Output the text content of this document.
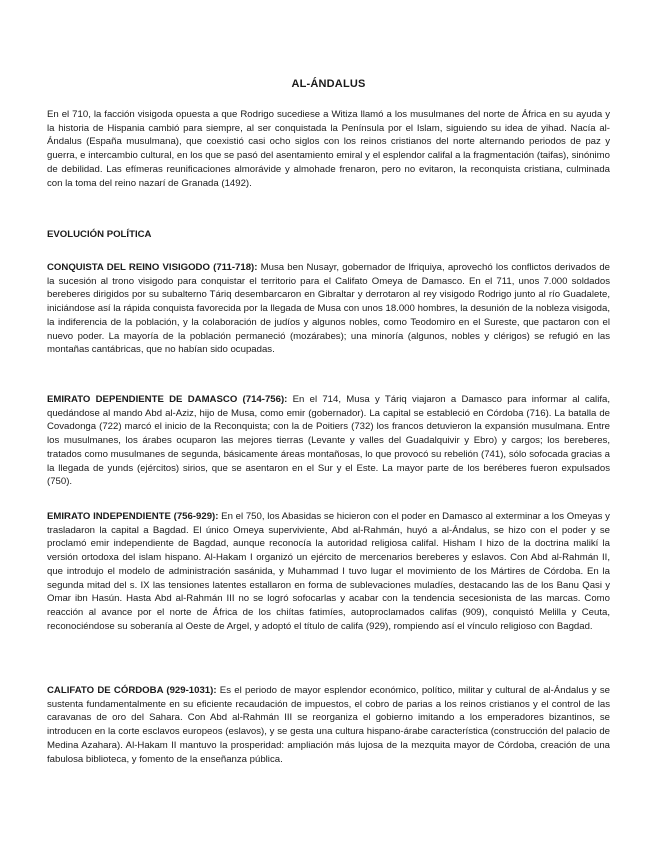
AL-ÁNDALUS

En el 710, la facción visigoda opuesta a que Rodrigo sucediese a Witiza llamó a los musulmanes del norte de África en su ayuda y la historia de Hispania cambió para siempre, al ser conquistada la Península por el Islam, siguiendo su idea de yihad. Nacía al-Ándalus (España musulmana), que coexistió casi ocho siglos con los reinos cristianos del norte alternando periodos de paz y guerra, e intercambio cultural, en los que se pasó del asentamiento emiral y el esplendor califal a la fragmentación (taifas), sinónimo de debilidad. Las efímeras reunificaciones almorávide y almohade frenaron, pero no evitaron, la reconquista cristiana, culminada con la toma del reino nazarí de Granada (1492).

EVOLUCIÓN POLÍTICA

CONQUISTA DEL REINO VISIGODO (711-718): Musa ben Nusayr, gobernador de Ifriquiya, aprovechó los conflictos derivados de la sucesión al trono visigodo para conquistar el territorio para el Califato Omeya de Damasco. En el 711, unos 7.000 soldados bereberes dirigidos por su subalterno Táriq desembarcaron en Gibraltar y derrotaron al rey visigodo Rodrigo junto al río Guadalete, iniciándose así la rápida conquista favorecida por la llegada de Musa con unos 18.000 hombres, la desunión de la nobleza visigoda, la indiferencia de la población, y la colaboración de judíos y algunos nobles, como Teodomiro en el Sureste, que pactaron con el nuevo poder. La mayoría de la población permaneció (mozárabes); una minoría (algunos, nobles y clérigos) se refugió en las montañas cantábricas, que no habían sido ocupadas.

EMIRATO DEPENDIENTE DE DAMASCO (714-756): En el 714, Musa y Táriq viajaron a Damasco para informar al califa, quedándose al mando Abd al-Aziz, hijo de Musa, como emir (gobernador). La capital se estableció en Córdoba (716). La batalla de Covadonga (722) marcó el inicio de la Reconquista; con la de Poitiers (732) los francos detuvieron la expansión musulmana. Entre los musulmanes, los árabes ocuparon las mejores tierras (Levante y valles del Guadalquivir y Ebro) y cargos; los bereberes, tratados como musulmanes de segunda, básicamente áreas montañosas, lo que provocó su rebelión (741), sólo sofocada gracias a la llegada de yunds (ejércitos) sirios, que se asentaron en el Sur y el Este. La mayor parte de los beréberes fueron expulsados (750).

EMIRATO INDEPENDIENTE (756-929): En el 750, los Abasidas se hicieron con el poder en Damasco al exterminar a los Omeyas y trasladaron la capital a Bagdad. El único Omeya superviviente, Abd al-Rahmán, huyó a al-Ándalus, se hizo con el poder y se proclamó emir independiente de Bagdad, aunque reconocía la autoridad religiosa califal. Hisham I hizo de la doctrina malikí la versión ortodoxa del islam hispano. Al-Hakam I organizó un ejército de mercenarios bereberes y eslavos. Con Abd al-Rahmán II, que introdujo el modelo de administración sasánida, y Muhammad I tuvo lugar el movimiento de los Mártires de Córdoba. En la segunda mitad del s. IX las tensiones latentes estallaron en forma de sublevaciones muladíes, destacando las de los Banu Qasi y Omar ibn Hasún. Hasta Abd al-Rahmán III no se logró sofocarlas y acabar con la tendencia secesionista de las marcas. Como reacción al avance por el norte de África de los chiítas fatimíes, autoproclamados califas (909), conquistó Melilla y Ceuta, reconociéndose su soberanía al Oeste de Argel, y adoptó el título de califa (929), rompiendo así el vínculo religioso con Bagdad.

CALIFATO DE CÓRDOBA (929-1031): Es el periodo de mayor esplendor económico, político, militar y cultural de al-Ándalus y se sustenta fundamentalmente en su eficiente recaudación de impuestos, el cobro de parias a los reinos cristianos y el control de las caravanas de oro del Sahara. Con Abd al-Rahmán III se reorganiza el gobierno imitando a los emperadores bizantinos, se introducen en la corte esclavos europeos (eslavos), y se gesta una cultura hispano-árabe característica (construcción del palacio de Medina Azahara). Al-Hakam II mantuvo la prosperidad: ampliación más lujosa de la mezquita mayor de Córdoba, creación de una fabulosa biblioteca, y fomento de la enseñanza pública.
